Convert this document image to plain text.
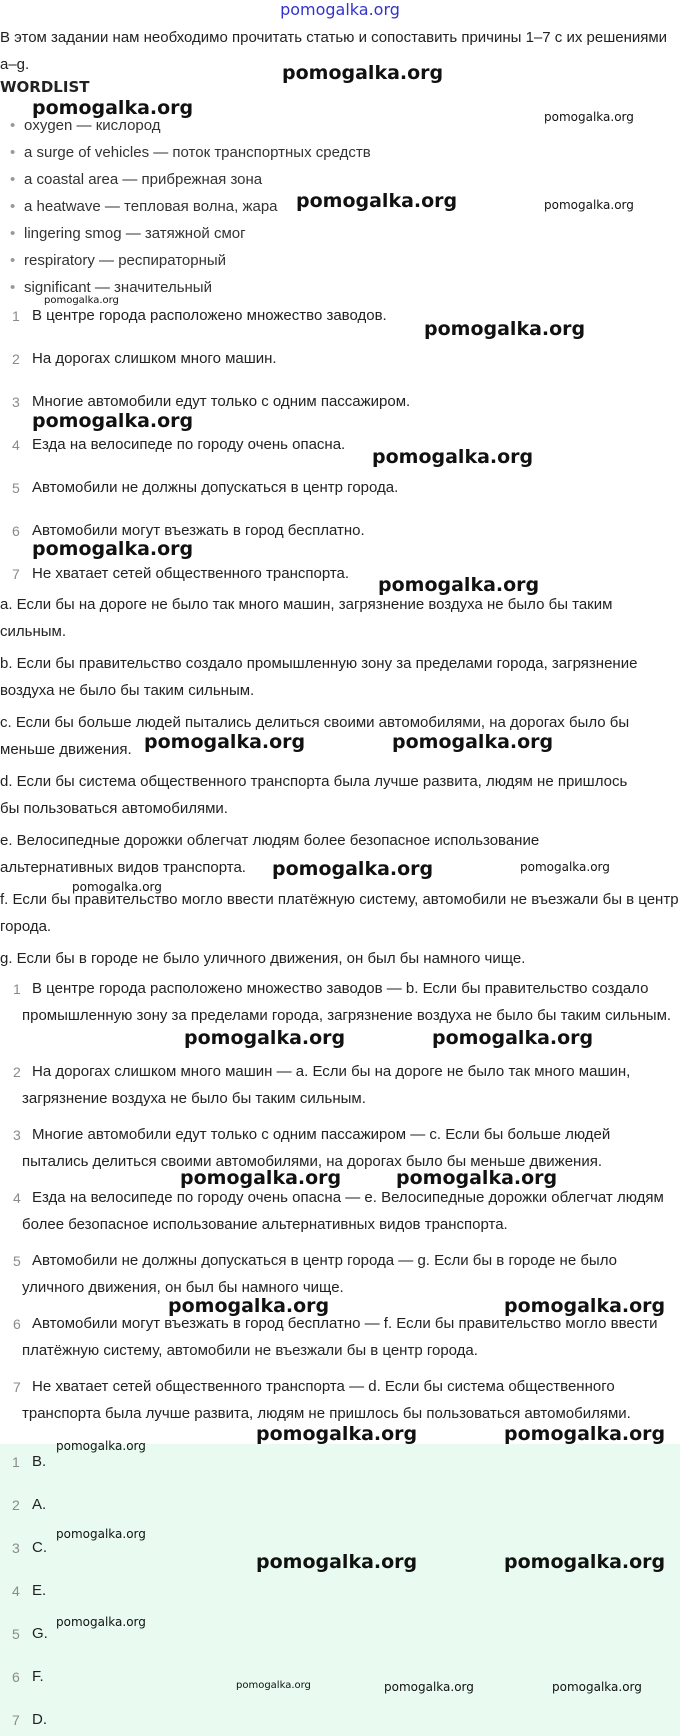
pomogalka.org
В этом задании нам необходимо прочитать статью и сопоставить причины 1–7 с их решениями a–g.
WORDLIST
• oxygen — кислород
• a surge of vehicles — поток транспортных средств
• a coastal area — прибрежная зона
• a heatwave — тепловая волна, жара
• lingering smog — затяжной смог
• respiratory — респираторный
• significant — значительный
1 В центре города расположено множество заводов.
2 На дорогах слишком много машин.
3 Многие автомобили едут только с одним пассажиром.
4 Езда на велосипеде по городу очень опасна.
5 Автомобили не должны допускаться в центр города.
6 Автомобили могут въезжать в город бесплатно.
7 Не хватает сетей общественного транспорта.
a. Если бы на дороге не было так много машин, загрязнение воздуха не было бы таким сильным.
b. Если бы правительство создало промышленную зону за пределами города, загрязнение воздуха не было бы таким сильным.
c. Если бы больше людей пытались делиться своими автомобилями, на дорогах было бы меньше движения.
d. Если бы система общественного транспорта была лучше развита, людям не пришлось бы пользоваться автомобилями.
e. Велосипедные дорожки облегчат людям более безопасное использование альтернативных видов транспорта.
f. Если бы правительство могло ввести платёжную систему, автомобили не въезжали бы в центр города.
g. Если бы в городе не было уличного движения, он был бы намного чище.
1 В центре города расположено множество заводов — b. Если бы правительство создало промышленную зону за пределами города, загрязнение воздуха не было бы таким сильным.
2 На дорогах слишком много машин — a. Если бы на дороге не было так много машин, загрязнение воздуха не было бы таким сильным.
3 Многие автомобили едут только с одним пассажиром — c. Если бы больше людей пытались делиться своими автомобилями, на дорогах было бы меньше движения.
4 Езда на велосипеде по городу очень опасна — e. Велосипедные дорожки облегчат людям более безопасное использование альтернативных видов транспорта.
5 Автомобили не должны допускаться в центр города — g. Если бы в городе не было уличного движения, он был бы намного чище.
6 Автомобили могут въезжать в город бесплатно — f. Если бы правительство могло ввести платёжную систему, автомобили не въезжали бы в центр города.
7 Не хватает сетей общественного транспорта — d. Если бы система общественного транспорта была лучше развита, людям не пришлось бы пользоваться автомобилями.
1 B.
2 A.
3 C.
4 E.
5 G.
6 F.
7 D.
pomogalka.org
pomogalka.org	pomogalka.org
pomogalka.org	pomogalka.org
pomogalka.org
pomogalka.org
pomogalka.org
pomogalka.org
pomogalka.org
pomogalka.org
pomogalka.org	pomogalka.org
pomogalka.org	pomogalka.org
pomogalka.org
pomogalka.org	pomogalka.org
pomogalka.org	pomogalka.org
pomogalka.org	pomogalka.org
pomogalka.org	pomogalka.org
pomogalka.org
pomogalka.org
pomogalka.org	pomogalka.org
pomogalka.org
pomogalka.org	pomogalka.org	pomogalka.org
